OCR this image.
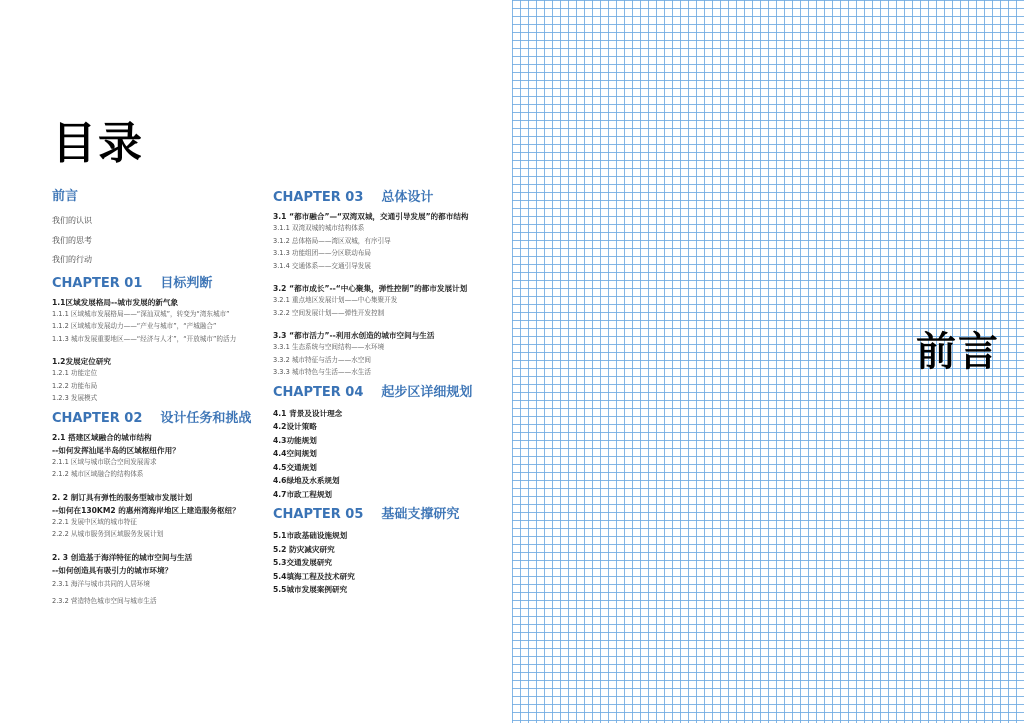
目录
前言

我们的认识

我们的思考

我们的行动

CHAPTER 01 目标判断

1.1区域发展格局--城市发展的新气象

1.1.1 区域城市发展格局——“深汕双城”，转变为“湾东城市”

1.1.2 区域城市发展动力——“产业与城市”，“产城融合”

1.1.3 城市发展重要地区——“经济与人才”，“开放城市”的活力

1.2发展定位研究

1.2.1 功能定位

1.2.2 功能布局

1.2.3 发展模式

CHAPTER 02 设计任务和挑战

2.1 搭建区域融合的城市结构

--如何发挥汕尾半岛的区域枢纽作用？

2.1.1 区域与城市联合空间发展需求

2.1.2 城市区域融合的结构体系

2. 2 制订具有弹性的服务型城市发展计划

--如何在130KM2 的惠州湾海岸地区上建造服务枢纽？

2.2.1 发展中区域的城市特征

2.2.2 从城市服务到区域服务发展计划

2. 3 创造基于海洋特征的城市空间与生活

--如何创造具有吸引力的城市环境？

2.3.1 海洋与城市共同的人居环境

2.3.2 营造特色城市空间与城市生活

CHAPTER 03 总体设计

3.1 “都市融合”—“双湾双城，交通引导发展”的都市结构

3.1.1 双湾双城的城市结构体系

3.1.2 总体格局——湾区双城，有序引导

3.1.3 功能组团——分区联动布局

3.1.4 交通体系——交通引导发展

3.2 “都市成长”--“中心聚集，弹性控制”的都市发展计划

3.2.1 重点地区发展计划——中心集聚开发

3.2.2 空间发展计划——弹性开发控制

3.3 “都市活力”--利用水创造的城市空间与生活

3.3.1 生态系统与空间结构——水环境

3.3.2 城市特征与活力——水空间

3.3.3 城市特色与生活——水生活

CHAPTER 04 起步区详细规划

4.1 背景及设计理念

4.2设计策略

4.3功能规划

4.4空间规划

4.5交通规划

4.6绿地及水系规划

4.7市政工程规划

CHAPTER 05 基础支撑研究

5.1市政基础设施规划

5.2 防灾减灾研究

5.3交通发展研究

5.4填海工程及技术研究

5.5城市发展案例研究

前言
